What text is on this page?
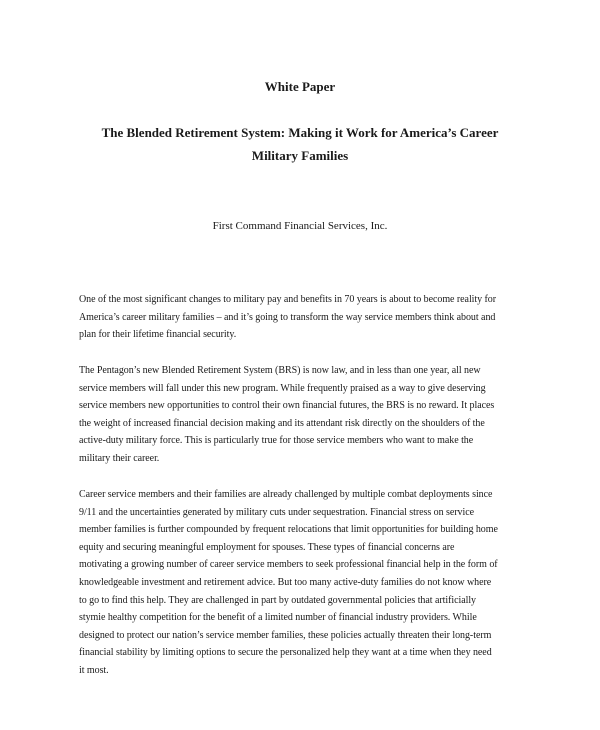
White Paper
The Blended Retirement System: Making it Work for America’s Career
Military Families
First Command Financial Services, Inc.
One of the most significant changes to military pay and benefits in 70 years is about to become reality for
America’s career military families – and it’s going to transform the way service members think about and
plan for their lifetime financial security.
The Pentagon’s new Blended Retirement System (BRS) is now law, and in less than one year, all new
service members will fall under this new program. While frequently praised as a way to give deserving
service members new opportunities to control their own financial futures, the BRS is no reward. It places
the weight of increased financial decision making and its attendant risk directly on the shoulders of the
active-duty military force. This is particularly true for those service members who want to make the
military their career.
Career service members and their families are already challenged by multiple combat deployments since
9/11 and the uncertainties generated by military cuts under sequestration. Financial stress on service
member families is further compounded by frequent relocations that limit opportunities for building home
equity and securing meaningful employment for spouses. These types of financial concerns are
motivating a growing number of career service members to seek professional financial help in the form of
knowledgeable investment and retirement advice. But too many active-duty families do not know where
to go to find this help. They are challenged in part by outdated governmental policies that artificially
stymie healthy competition for the benefit of a limited number of financial industry providers. While
designed to protect our nation’s service member families, these policies actually threaten their long-term
financial stability by limiting options to secure the personalized help they want at a time when they need
it most.
